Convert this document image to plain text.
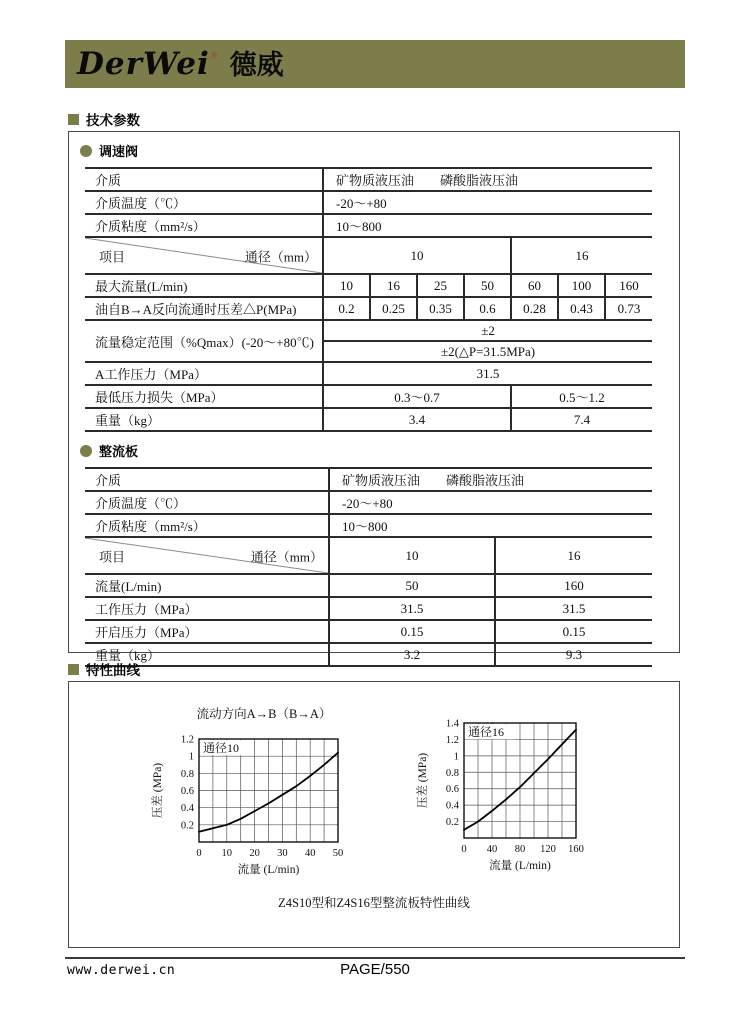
DerWei ® 德威
技术参数
调速阀
介质	矿物质液压油　　磷酸脂液压油						
介质温度（℃）	-20～+80						
介质粘度（mm²/s）	10～800						

项目 通径（mm）	10				16		
最大流量(L/min)	10	16	25	50	60	100	160
油自B→A反向流通时压差△P(MPa)	0.2	0.25	0.35	0.6	0.28	0.43	0.73
流量稳定范围（%Qmax）(-20～+80℃)	±2						
	±2(△P=31.5MPa)						
A工作压力（MPa）	31.5						
最低压力损失（MPa）	0.3～0.7				0.5～1.2		
重量（kg）	3.4				7.4		
整流板
介质	矿物质液压油　　磷酸脂液压油	
介质温度（℃）	-20～+80	
介质粘度（mm²/s）	10～800	

项目 通径（mm）	10	16
流量(L/min)	50	160
工作压力（MPa）	31.5	31.5
开启压力（MPa）	0.15	0.15
重量（kg）	3.2	9.3
特性曲线
流动方向A→B（B→A）
0 10 20 30 40 50
0.2
0.4
0.6
0.8
1
1.2
流量 (L/min)
压差 (MPa)
通径10
0 40 80 120 160
0.2
0.4
0.6
0.8
1
1.2
1.4
流量 (L/min)
压差 (MPa)
通径16
Z4S10型和Z4S16型整流板特性曲线
www.derwei.cn	PAGE/550
